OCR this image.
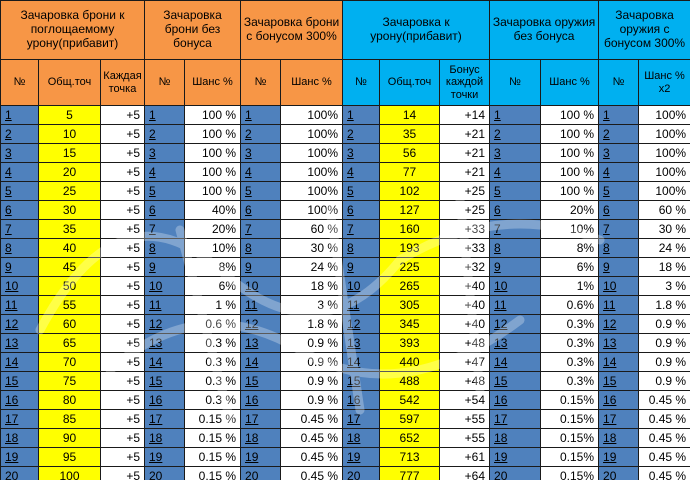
Зачаровка брони к поглощаемому урону(прибавит)			Зачаровка брони без бонуса		Зачаровка брони с бонусом 300%		Зачаровка к урону(прибавит)			Зачаровка оружия без бонуса		Зачаровка оружия с бонусом 300%	
№	Общ.точ	Каждая точка	№	Шанс %	№	Шанс %	№	Общ.точ	Бонус каждой точки	№	Шанс %	№	Шанс % х2
1	5	+5	1	100 %	1	100%	1	14	+14	1	100 %	1	100%
2	10	+5	2	100 %	2	100%	2	35	+21	2	100 %	2	100%
3	15	+5	3	100 %	3	100%	3	56	+21	3	100 %	3	100%
4	20	+5	4	100 %	4	100%	4	77	+21	4	100 %	4	100%
5	25	+5	5	100 %	5	100%	5	102	+25	5	100 %	5	100%
6	30	+5	6	40%	6	100%	6	127	+25	6	20%	6	60 %
7	35	+5	7	20%	7	60 %	7	160	+33	7	10%	7	30 %
8	40	+5	8	10%	8	30 %	8	193	+33	8	8%	8	24 %
9	45	+5	9	8%	9	24 %	9	225	+32	9	6%	9	18 %
10	50	+5	10	6%	10	18 %	10	265	+40	10	1%	10	3 %
11	55	+5	11	1 %	11	3 %	11	305	+40	11	0.6%	11	1.8 %
12	60	+5	12	0.6 %	12	1.8 %	12	345	+40	12	0.3%	12	0.9 %
13	65	+5	13	0.3 %	13	0.9 %	13	393	+48	13	0.3%	13	0.9 %
14	70	+5	14	0.3 %	14	0.9 %	14	440	+47	14	0.3%	14	0.9 %
15	75	+5	15	0.3 %	15	0.9 %	15	488	+48	15	0.3%	15	0.9 %
16	80	+5	16	0.3 %	16	0.9 %	16	542	+54	16	0.15%	16	0.45 %
17	85	+5	17	0.15 %	17	0.45 %	17	597	+55	17	0.15%	17	0.45 %
18	90	+5	18	0.15 %	18	0.45 %	18	652	+55	18	0.15%	18	0.45 %
19	95	+5	19	0.15 %	19	0.45 %	19	713	+61	19	0.15%	19	0.45 %
20	100	+5	20	0.15 %	20	0.45 %	20	777	+64	20	0.15%	20	0.45 %
